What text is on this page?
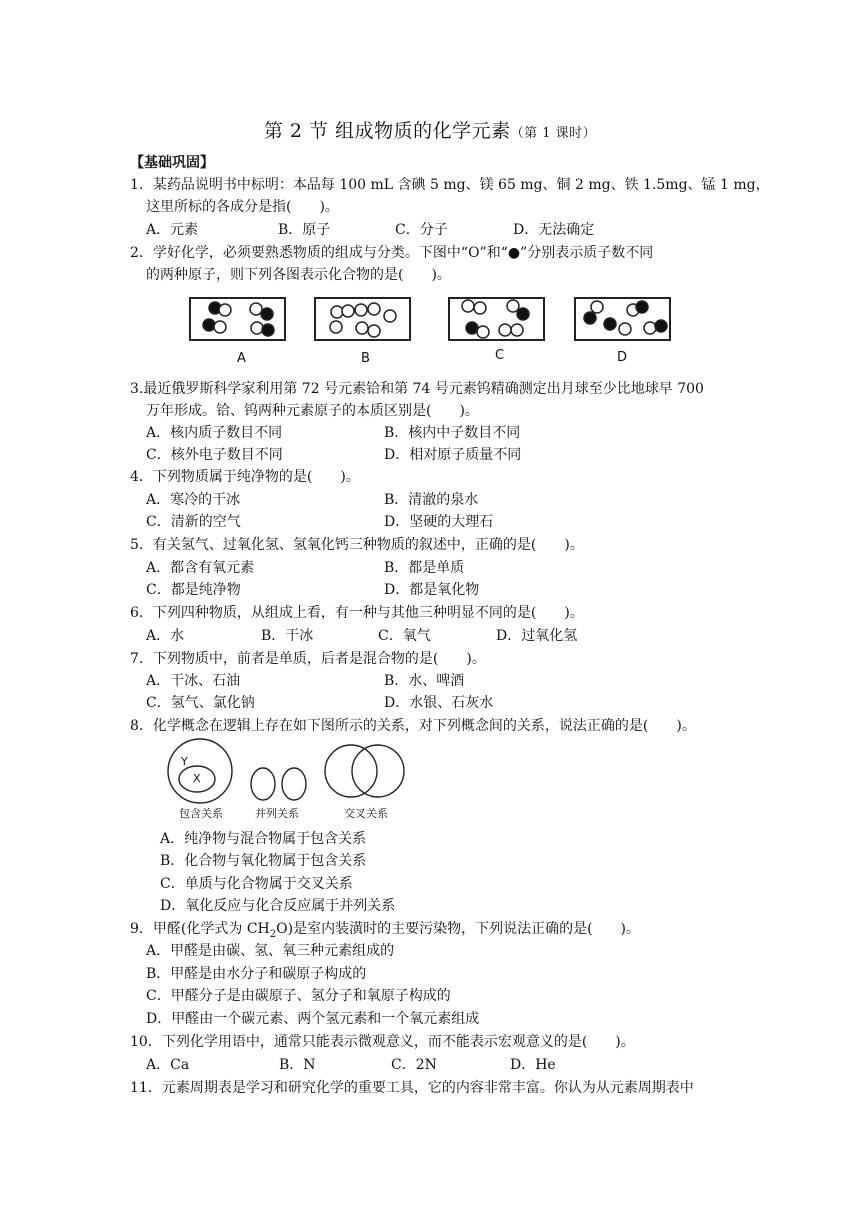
第 2 节 组成物质的化学元素（第 1 课时）
【基础巩固】
1．某药品说明书中标明：本品每 100 mL 含碘 5 mg、镁 65 mg、铜 2 mg、铁 1.5mg、锰 1 mg，
这里所标的各成分是指(　　)。
A．元素	B．原子	C．分子	D．无法确定
2．学好化学，必须要熟悉物质的组成与分类。下图中“O”和“●”分别表示质子数不同
的两种原子，则下列各图表示化合物的是(　　)。
A	B	C	D
3.最近俄罗斯科学家利用第 72 号元素铪和第 74 号元素钨精确测定出月球至少比地球早 700
万年形成。铪、钨两种元素原子的本质区别是(　　)。
A．核内质子数目不同	B．核内中子数目不同
C．核外电子数目不同	D．相对原子质量不同
4．下列物质属于纯净物的是(　　)。
A．寒冷的干冰	B．清澈的泉水
C．清新的空气	D．坚硬的大理石
5．有关氢气、过氧化氢、氢氧化钙三种物质的叙述中，正确的是(　　)。
A．都含有氧元素	B．都是单质
C．都是纯净物	D．都是氧化物
6．下列四种物质，从组成上看，有一种与其他三种明显不同的是(　　)。
A．水	B．干冰	C．氧气	D．过氧化氢
7．下列物质中，前者是单质，后者是混合物的是(　　)。
A．干冰、石油	B．水、啤酒
C．氢气、氯化钠	D．水银、石灰水
8．化学概念在逻辑上存在如下图所示的关系，对下列概念间的关系，说法正确的是(　　)。
Y
X
包含关系	并列关系	交叉关系
A．纯净物与混合物属于包含关系
B．化合物与氧化物属于包含关系
C．单质与化合物属于交叉关系
D．氧化反应与化合反应属于并列关系
9．甲醛(化学式为 $CH_2O$)是室内装潢时的主要污染物，下列说法正确的是(　　)。
A．甲醛是由碳、氢、氧三种元素组成的
B．甲醛是由水分子和碳原子构成的
C．甲醛分子是由碳原子、氢分子和氧原子构成的
D．甲醛由一个碳元素、两个氢元素和一个氧元素组成
10．下列化学用语中，通常只能表示微观意义，而不能表示宏观意义的是(　　)。
A．Ca	B．N	C．2N	D．He
11．元素周期表是学习和研究化学的重要工具，它的内容非常丰富。你认为从元素周期表中
